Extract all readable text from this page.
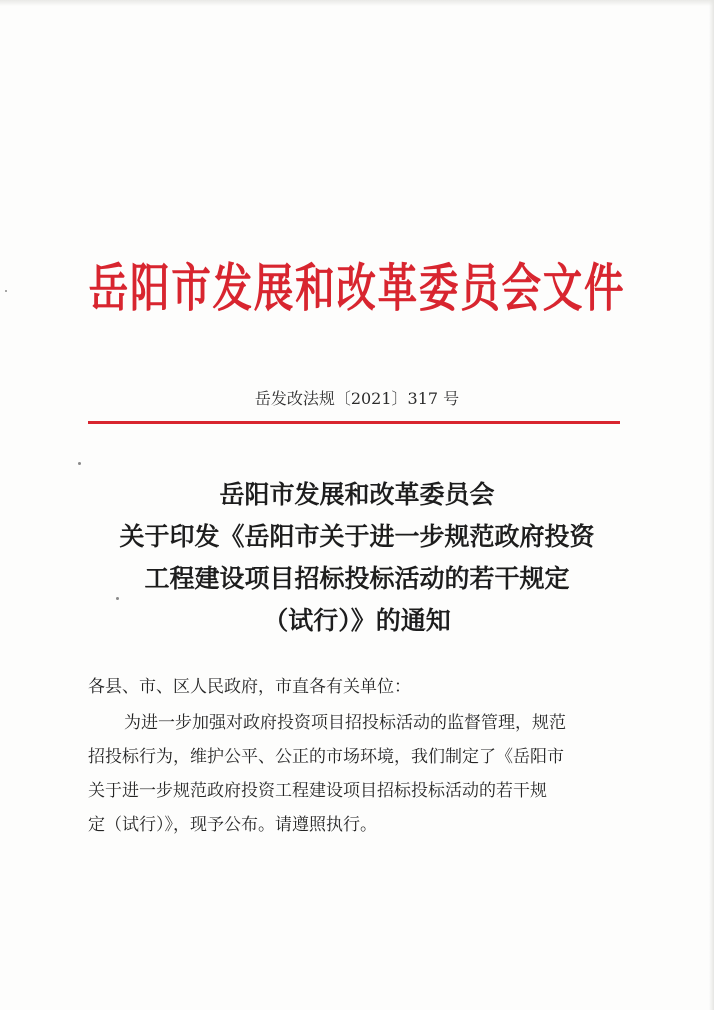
岳阳市发展和改革委员会文件
岳发改法规〔2021〕317 号
岳阳市发展和改革委员会
关于印发《岳阳市关于进一步规范政府投资
工程建设项目招标投标活动的若干规定
（试行）》的通知
各县、市、区人民政府，市直各有关单位：
为进一步加强对政府投资项目招投标活动的监督管理，规范
招投标行为，维护公平、公正的市场环境，我们制定了《岳阳市
关于进一步规范政府投资工程建设项目招标投标活动的若干规
定（试行）》，现予公布。请遵照执行。
